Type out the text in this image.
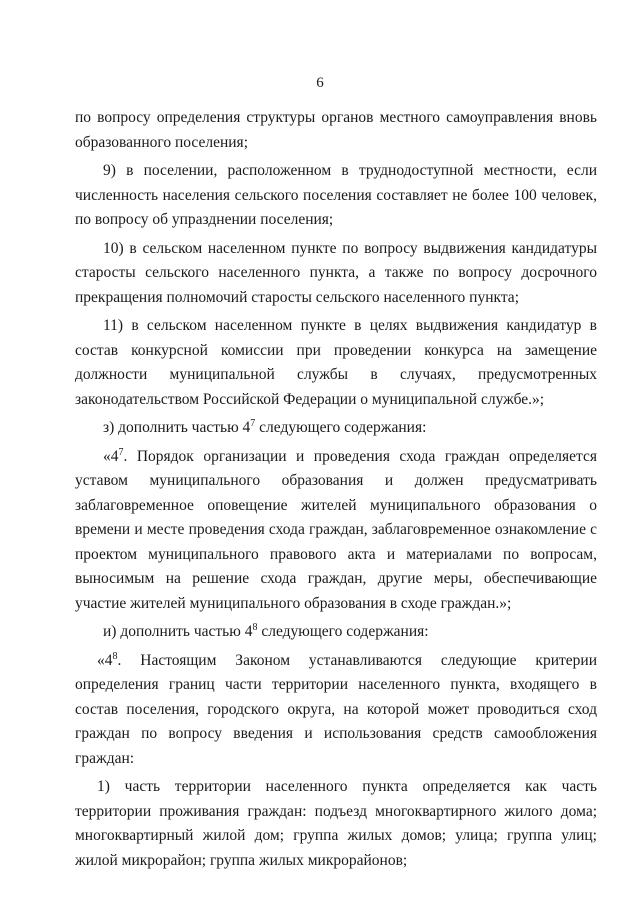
6

по вопросу определения структуры органов местного самоуправления вновь образованного поселения;

9) в поселении, расположенном в труднодоступной местности, если численность населения сельского поселения составляет не более 100 человек, по вопросу об упразднении поселения;

10) в сельском населенном пункте по вопросу выдвижения кандидатуры старосты сельского населенного пункта, а также по вопросу досрочного прекращения полномочий старосты сельского населенного пункта;

11) в сельском населенном пункте в целях выдвижения кандидатур в состав конкурсной комиссии при проведении конкурса на замещение должности муниципальной службы в случаях, предусмотренных законодательством Российской Федерации о муниципальной службе.»;

з) дополнить частью $4^7$ следующего содержания:

«$4^7$. Порядок организации и проведения схода граждан определяется уставом муниципального образования и должен предусматривать заблаговременное оповещение жителей муниципального образования о времени и месте проведения схода граждан, заблаговременное ознакомление с проектом муниципального правового акта и материалами по вопросам, выносимым на решение схода граждан, другие меры, обеспечивающие участие жителей муниципального образования в сходе граждан.»;

и) дополнить частью $4^8$ следующего содержания:

«$4^8$. Настоящим Законом устанавливаются следующие критерии определения границ части территории населенного пункта, входящего в состав поселения, городского округа, на которой может проводиться сход граждан по вопросу введения и использования средств самообложения граждан:

1) часть территории населенного пункта определяется как часть территории проживания граждан: подъезд многоквартирного жилого дома; многоквартирный жилой дом; группа жилых домов; улица; группа улиц; жилой микрорайон; группа жилых микрорайонов;
